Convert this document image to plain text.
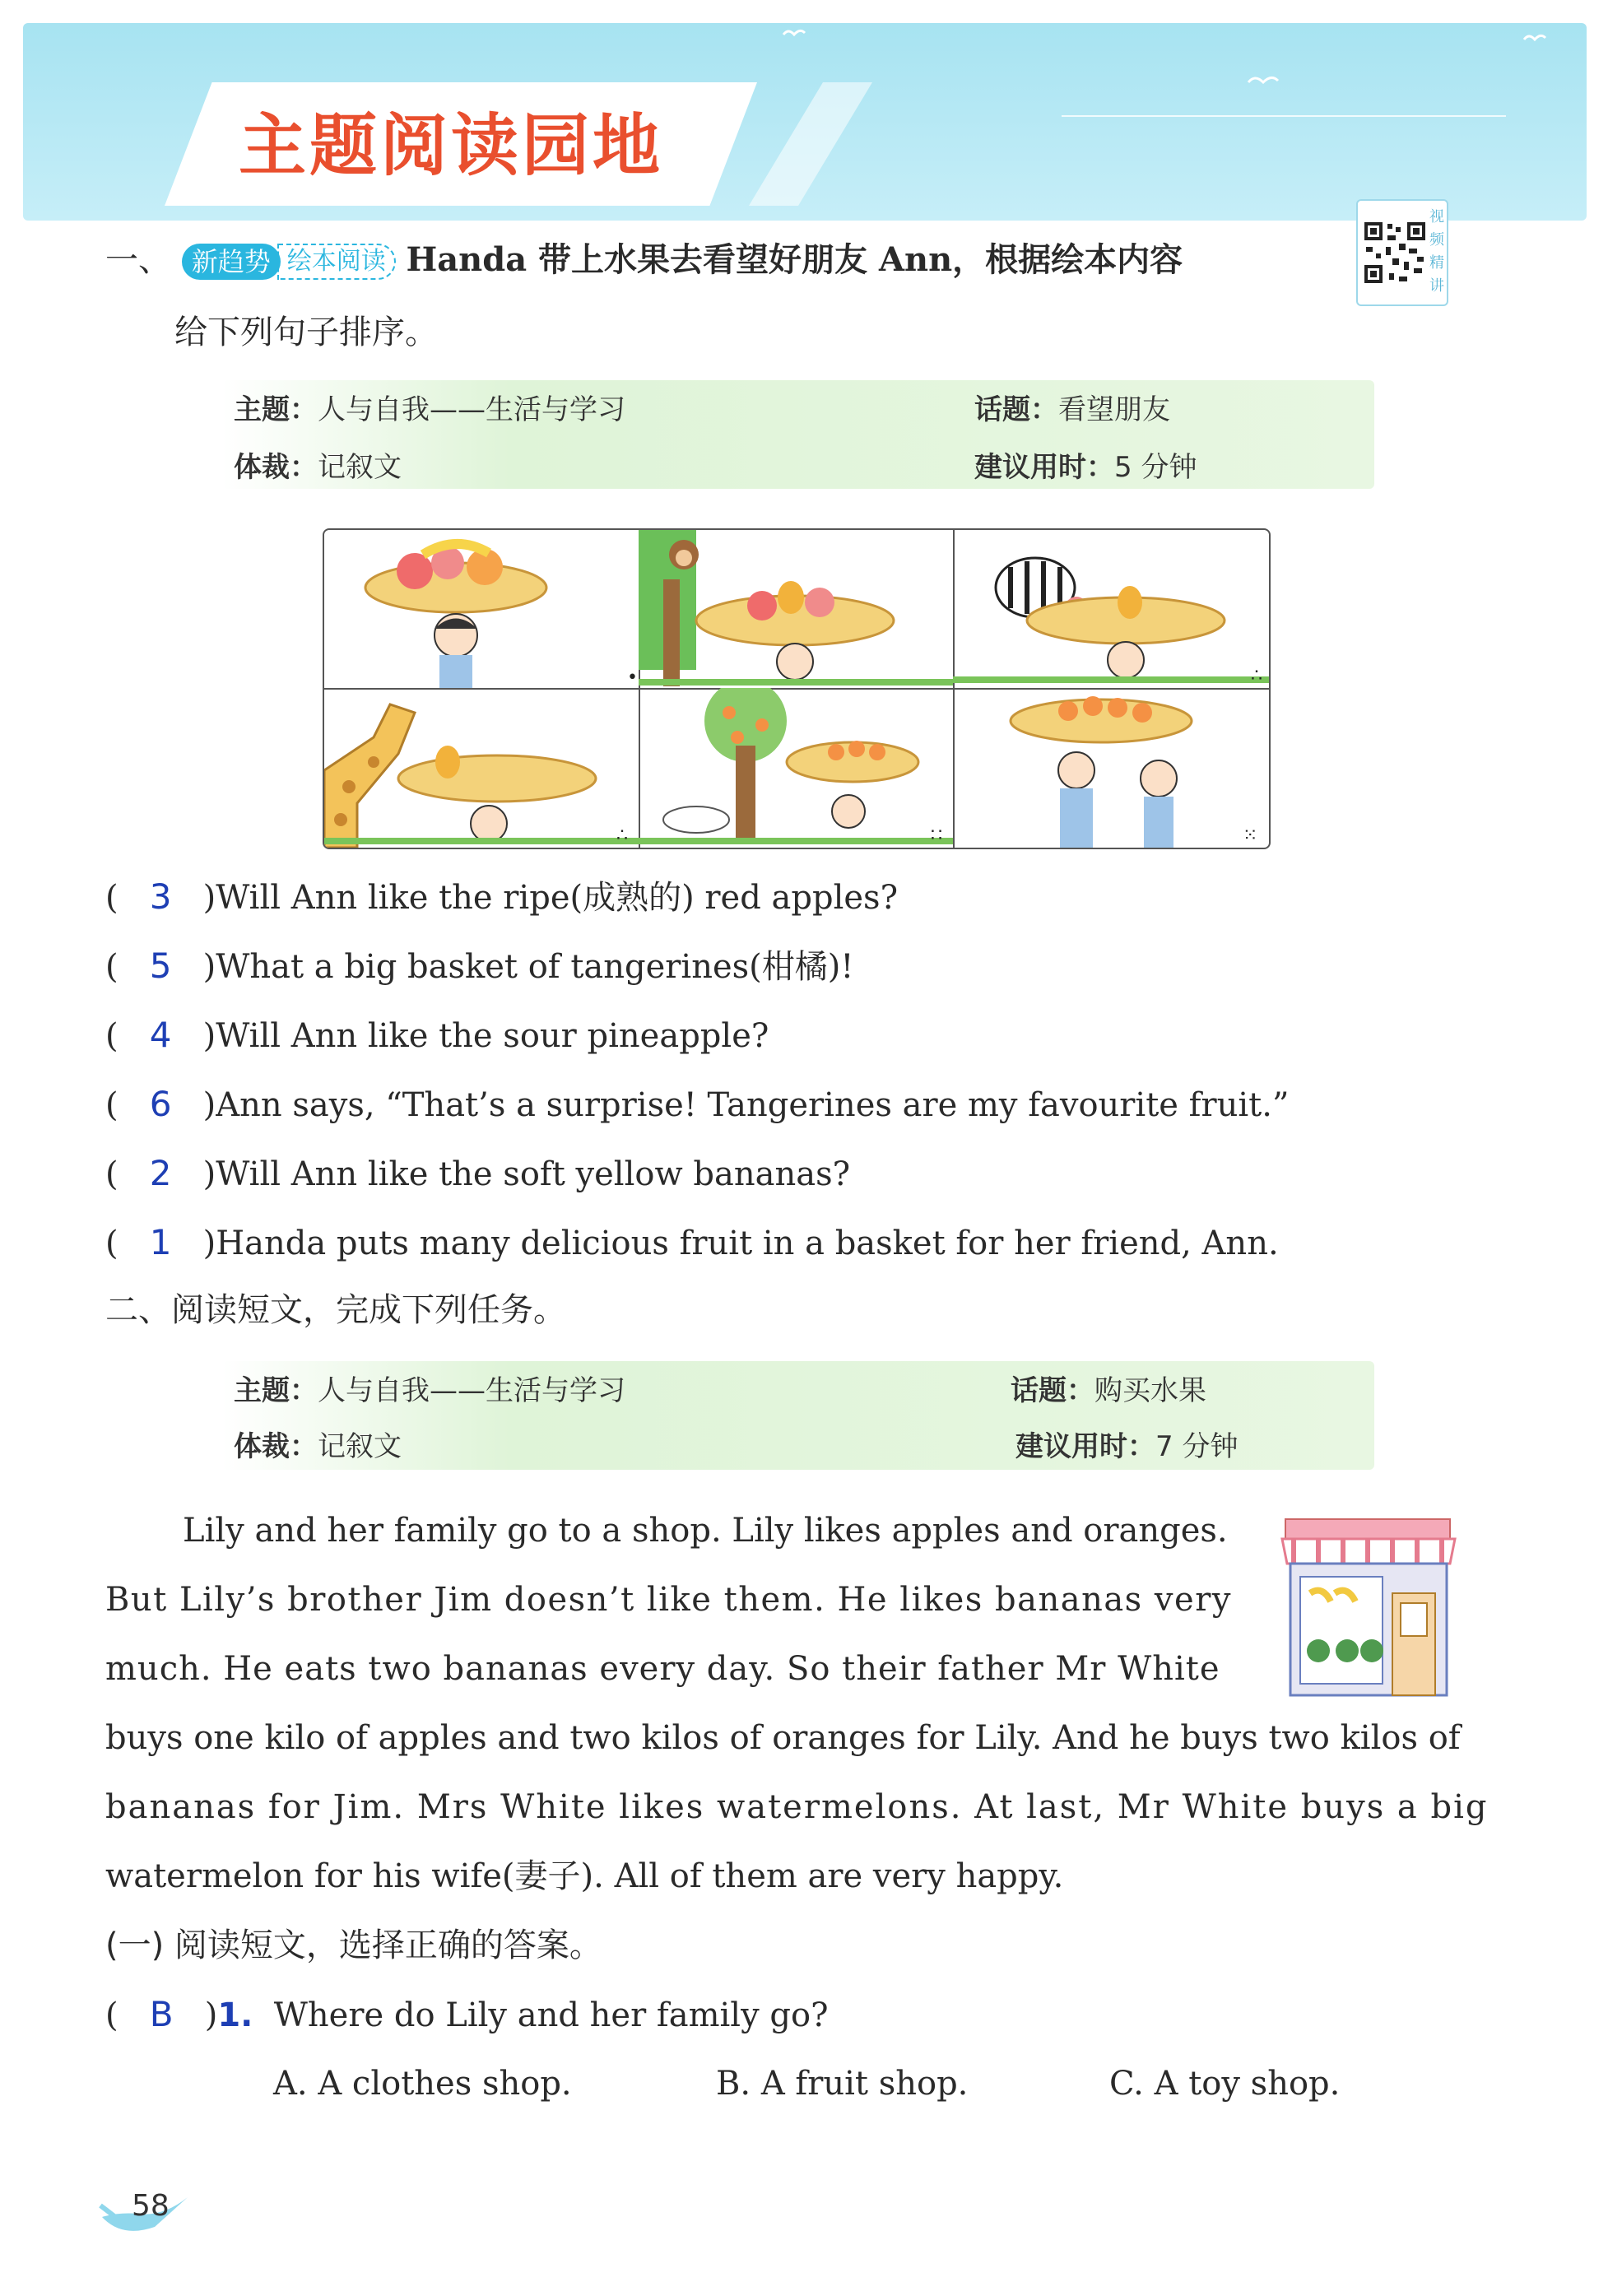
主题阅读园地
视频精讲
一、 新趋势 绘本阅读 Handa 带上水果去看望好朋友 Ann，根据绘本内容
给下列句子排序。
主题：人与自我——生活与学习	话题：看望朋友
体裁：记叙文	建议用时：5 分钟
•	∴
∴	∷	⁙
(   3 )Will Ann like the ripe(成熟的) red apples?
(   5 )What a big basket of tangerines(柑橘)!
(   4 )Will Ann like the sour pineapple?
(   6 )Ann says, “That’s a surprise! Tangerines are my favourite fruit.”
(   2 )Will Ann like the soft yellow bananas?
(   1 )Handa puts many delicious fruit in a basket for her friend, Ann.
二、阅读短文，完成下列任务。
主题：人与自我——生活与学习	话题：购买水果
体裁：记叙文	建议用时：7 分钟
Lily and her family go to a shop. Lily likes apples and oranges.
But Lily’s brother Jim doesn’t like them. He likes bananas very
much. He eats two bananas every day. So their father Mr White
buys one kilo of apples and two kilos of oranges for Lily. And he buys two kilos of
bananas for Jim. Mrs White likes watermelons. At last, Mr White buys a big
watermelon for his wife(妻子). All of them are very happy.
(一) 阅读短文，选择正确的答案。
(   B   )1. Where do Lily and her family go?
A. A clothes shop.	B. A fruit shop.	C. A toy shop.
58
